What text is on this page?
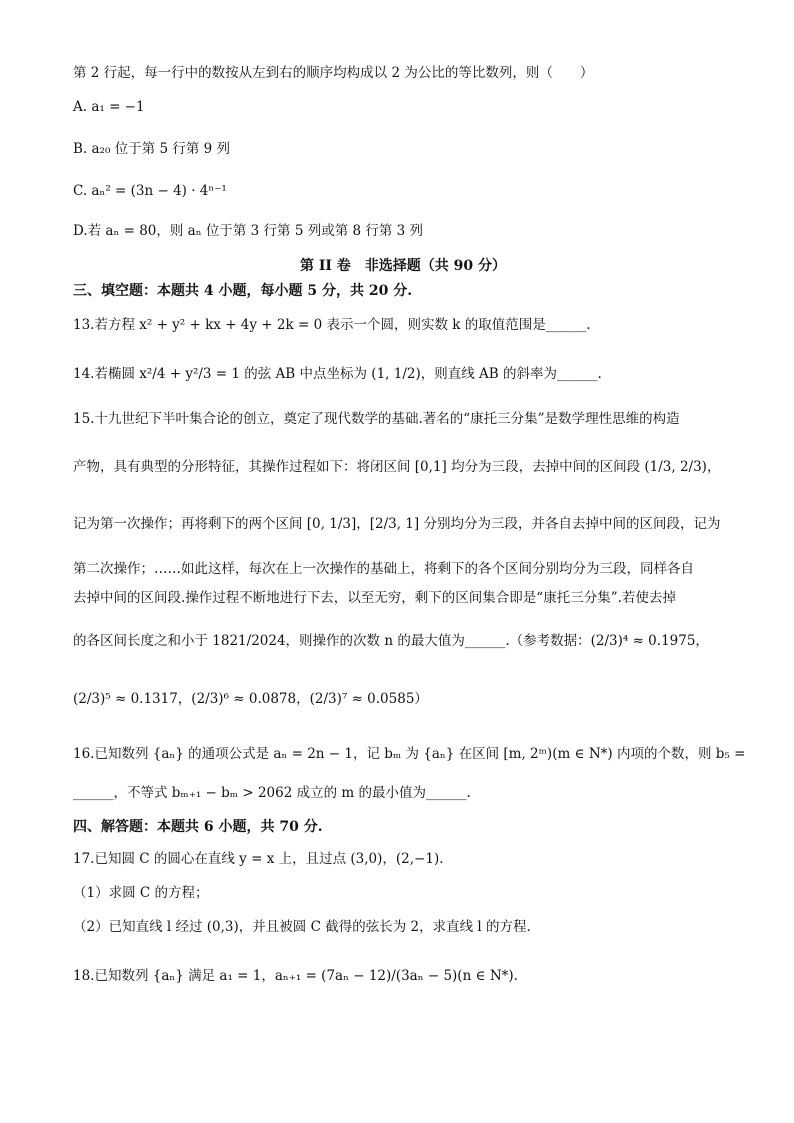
第 2 行起，每一行中的数按从左到右的顺序均构成以 2 为公比的等比数列，则（　　）
A. a₁ = −1
B. a₂₀ 位于第 5 行第 9 列
C. aₙ² = (3n − 4) · 4ⁿ⁻¹
D.若 aₙ = 80，则 aₙ 位于第 3 行第 5 列或第 8 行第 3 列
第 II 卷　非选择题（共 90 分）
三、填空题：本题共 4 小题，每小题 5 分，共 20 分.
13.若方程 x² + y² + kx + 4y + 2k = 0 表示一个圆，则实数 k 的取值范围是______.
14.若椭圆 x²/4 + y²/3 = 1 的弦 AB 中点坐标为 (1, 1/2)，则直线 AB 的斜率为______.
15.十九世纪下半叶集合论的创立，奠定了现代数学的基础.著名的“康托三分集”是数学理性思维的构造
产物，具有典型的分形特征，其操作过程如下：将闭区间 [0,1] 均分为三段，去掉中间的区间段 (1/3, 2/3)，
记为第一次操作；再将剩下的两个区间 [0, 1/3]，[2/3, 1] 分别均分为三段，并各自去掉中间的区间段，记为
第二次操作；……如此这样，每次在上一次操作的基础上，将剩下的各个区间分别均分为三段，同样各自
去掉中间的区间段.操作过程不断地进行下去，以至无穷，剩下的区间集合即是“康托三分集”.若使去掉
的各区间长度之和小于 1821/2024，则操作的次数 n 的最大值为______.（参考数据：(2/3)⁴ ≈ 0.1975，
(2/3)⁵ ≈ 0.1317，(2/3)⁶ ≈ 0.0878，(2/3)⁷ ≈ 0.0585）
16.已知数列 {aₙ} 的通项公式是 aₙ = 2n − 1，记 bₘ 为 {aₙ} 在区间 [m, 2ᵐ)(m ∈ N*) 内项的个数，则 b₅ =
______，不等式 bₘ₊₁ − bₘ > 2062 成立的 m 的最小值为______.
四、解答题：本题共 6 小题，共 70 分.
17.已知圆 C 的圆心在直线 y = x 上，且过点 (3,0)，(2,−1).
（1）求圆 C 的方程；
（2）已知直线 l 经过 (0,3)，并且被圆 C 截得的弦长为 2，求直线 l 的方程.
18.已知数列 {aₙ} 满足 a₁ = 1，aₙ₊₁ = (7aₙ − 12)/(3aₙ − 5)(n ∈ N*).
